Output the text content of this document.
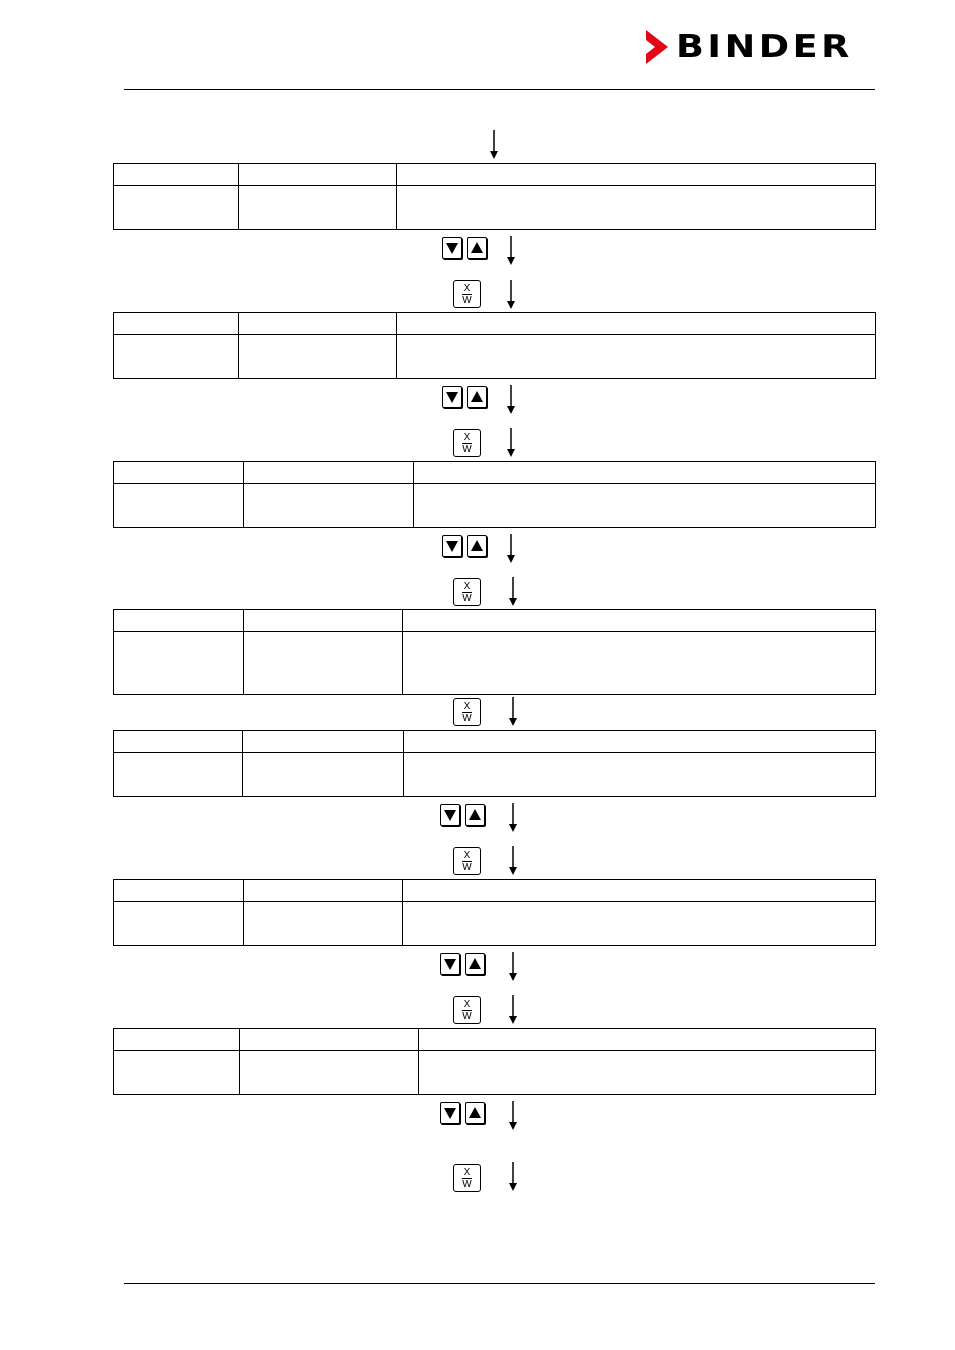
BINDER

X
W

X
W

X
W

X
W

X
W

X
W

X
W
